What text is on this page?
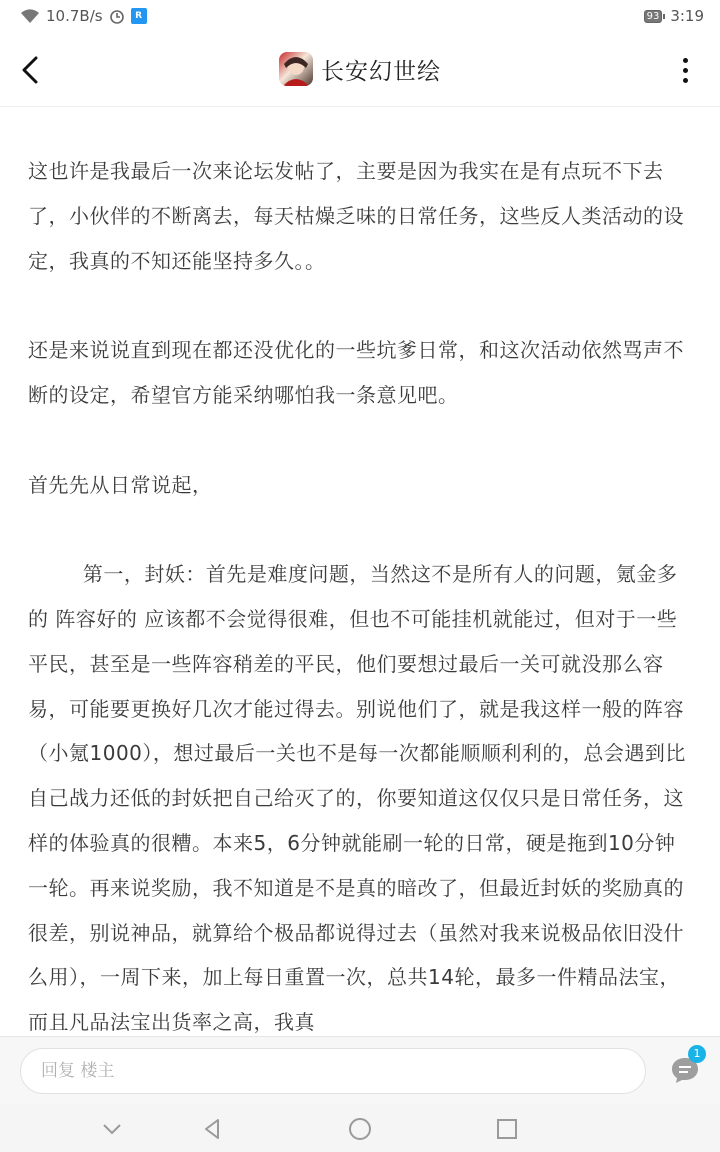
10.7B/s	R	93 3:19
长安幻世绘

这也许是我最后一次来论坛发帖了，主要是因为我实在是有点玩不下去了，小伙伴的不断离去，每天枯燥乏味的日常任务，这些反人类活动的设定，我真的不知还能坚持多久。。

还是来说说直到现在都还没优化的一些坑爹日常，和这次活动依然骂声不断的设定，希望官方能采纳哪怕我一条意见吧。

首先先从日常说起，

第一，封妖：首先是难度问题，当然这不是所有人的问题，氪金多的 阵容好的 应该都不会觉得很难，但也不可能挂机就能过，但对于一些平民，甚至是一些阵容稍差的平民，他们要想过最后一关可就没那么容易，可能要更换好几次才能过得去。别说他们了，就是我这样一般的阵容（小氪1000），想过最后一关也不是每一次都能顺顺利利的，总会遇到比自己战力还低的封妖把自己给灭了的，你要知道这仅仅只是日常任务，这样的体验真的很糟。本来5，6分钟就能刷一轮的日常，硬是拖到10分钟一轮。再来说奖励，我不知道是不是真的暗改了，但最近封妖的奖励真的很差，别说神品，就算给个极品都说得过去（虽然对我来说极品依旧没什么用），一周下来，加上每日重置一次，总共14轮，最多一件精品法宝，而且凡品法宝出货率之高，我真

回复 楼主
1
